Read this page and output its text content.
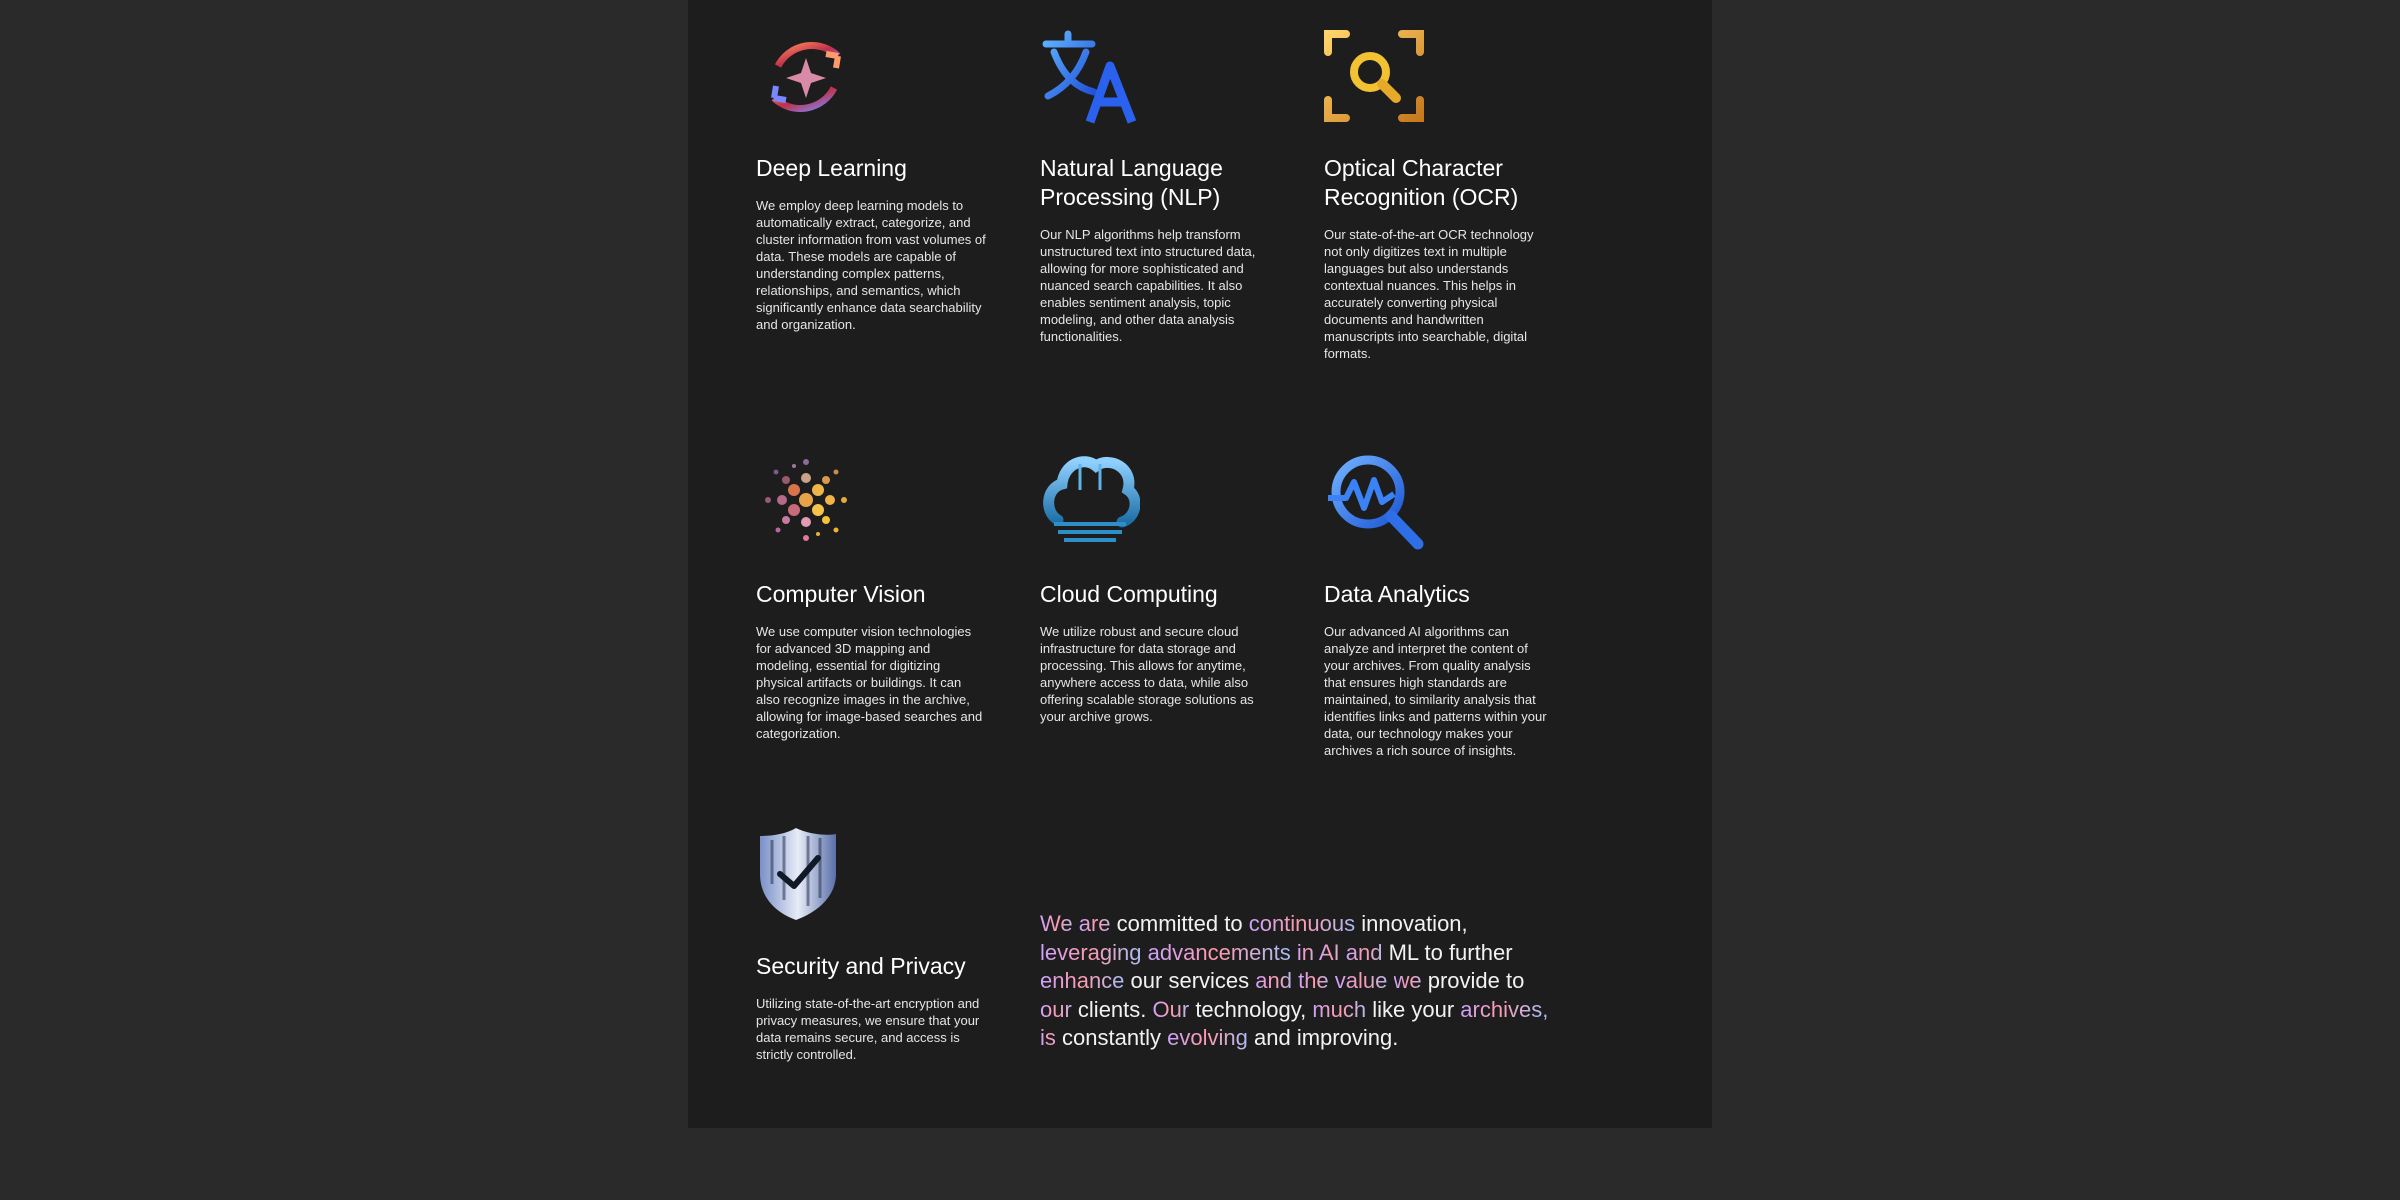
Deep Learning

We employ deep learning models to automatically extract, categorize, and cluster information from vast volumes of data. These models are capable of understanding complex patterns, relationships, and semantics, which significantly enhance data searchability and organization.

Natural Language Processing (NLP)

Our NLP algorithms help transform unstructured text into structured data, allowing for more sophisticated and nuanced search capabilities. It also enables sentiment analysis, topic modeling, and other data analysis functionalities.

Optical Character Recognition (OCR)

Our state-of-the-art OCR technology not only digitizes text in multiple languages but also understands contextual nuances. This helps in accurately converting physical documents and handwritten manuscripts into searchable, digital formats.

Computer Vision

We use computer vision technologies for advanced 3D mapping and modeling, essential for digitizing physical artifacts or buildings. It can also recognize images in the archive, allowing for image-based searches and categorization.

Cloud Computing

We utilize robust and secure cloud infrastructure for data storage and processing. This allows for anytime, anywhere access to data, while also offering scalable storage solutions as your archive grows.

Data Analytics

Our advanced AI algorithms can analyze and interpret the content of your archives. From quality analysis that ensures high standards are maintained, to similarity analysis that identifies links and patterns within your data, our technology makes your archives a rich source of insights.

Security and Privacy

Utilizing state-of-the-art encryption and privacy measures, we ensure that your data remains secure, and access is strictly controlled.

We are committed to continuous innovation, leveraging advancements in AI and ML to further enhance our services and the value we provide to our clients. Our technology, much like your archives, is constantly evolving and improving.
